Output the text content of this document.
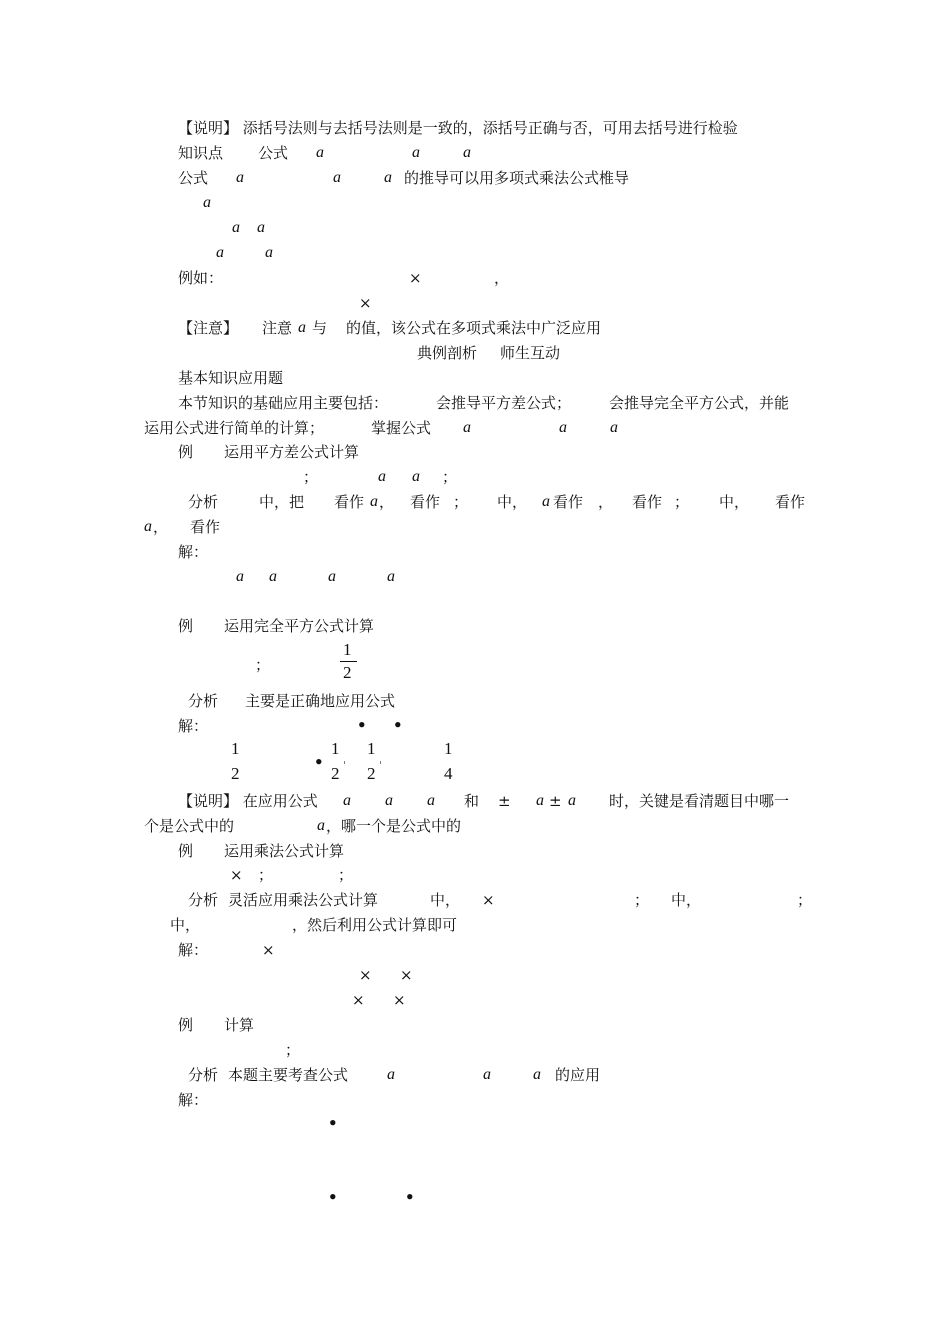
【说明】 添括号法则与去括号法则是一致的，添括号正确与否，可用去括号进行检验
知识点 公式 a	a	a
公式 a	a	a 的推导可以用多项式乘法公式椎导
a
a a
a	a
例如：	×	，
×
【注意】 注意 a 与 的值，该公式在多项式乘法中广泛应用
典例剖析 师生互动
基本知识应用题
本节知识的基础应用主要包括：	会推导平方差公式；	会推导完全平方公式，并能
运用公式进行简单的计算；	掌握公式 a	a	a
例 运用平方差公式计算
；	a a ；
分析	中，把 看作 a ， 看作 ； 中， a 看作 ， 看作 ； 中， 看作
a ， 看作
解：
a a	a	a
例 运用完全平方公式计算
1
2
；
分析 主要是正确地应用公式
解：	• •
1
2
•
1
2 '
1
2 '
1
4
【说明】 在应用公式 a a a 和 ± a ± a 时，关键是看清题目中哪一
个是公式中的	a ，哪一个是公式中的
例 运用乘法公式计算
× ；	；
分析 灵活应用乘法公式计算	中， ×	； 中，	；
中，	，然后利用公式计算即可
解：	×
× ×
× ×
例 计算
；
分析 本题主要考查公式 a	a	a 的应用
解：
•
•	•
